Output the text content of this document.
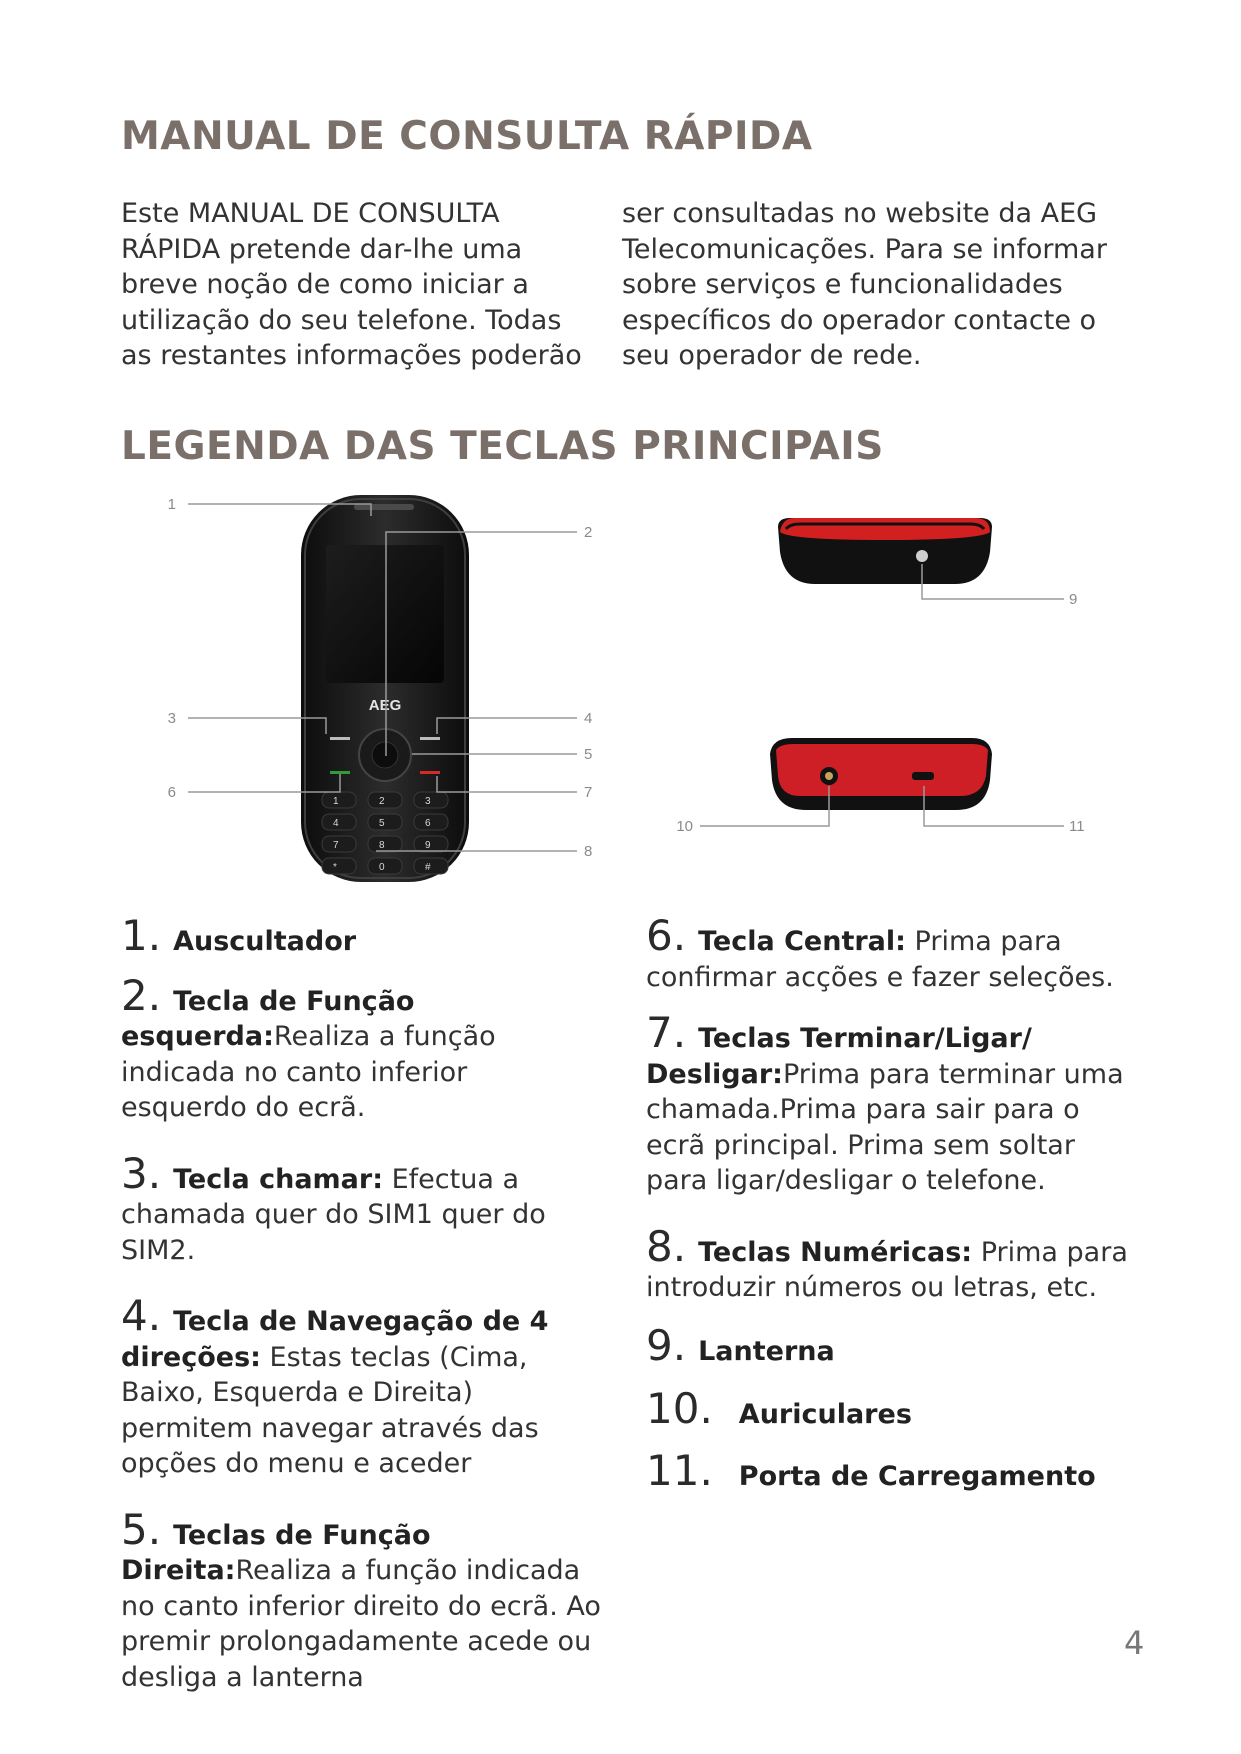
MANUAL DE CONSULTA RÁPIDA

Este MANUAL DE CONSULTA RÁPIDA pretende dar-lhe uma breve noção de como iniciar a utilização do seu telefone. Todas as restantes informações poderão

ser consultadas no website da AEG Telecomunicações. Para se informar sobre serviços e funcionalidades específicos do operador contacte o seu operador de rede.

LEGENDA DAS TECLAS PRINCIPAIS
AEG
1	2	3
4	5	6
7	8	9
*	0	#
1
2
3	4
5
6	7
8
9
10	11
1. Auscultador
2. Tecla de Função esquerda:Realiza a função indicada no canto inferior esquerdo do ecrã.
3. Tecla chamar: Efectua a chamada quer do SIM1 quer do SIM2.
4. Tecla de Navegação de 4 direções: Estas teclas (Cima, Baixo, Esquerda e Direita) permitem navegar através das opções do menu e aceder
5. Teclas de Função Direita:Realiza a função indicada no canto inferior direito do ecrã. Ao premir prolongadamente acede ou desliga a lanterna
6. Tecla Central: Prima para confirmar acções e fazer seleções.
7. Teclas Terminar/Ligar/ Desligar:Prima para terminar uma chamada.Prima para sair para o ecrã principal. Prima sem soltar para ligar/desligar o telefone.
8. Teclas Numéricas: Prima para introduzir números ou letras, etc.
9. Lanterna
10. Auriculares
11. Porta de Carregamento
4
